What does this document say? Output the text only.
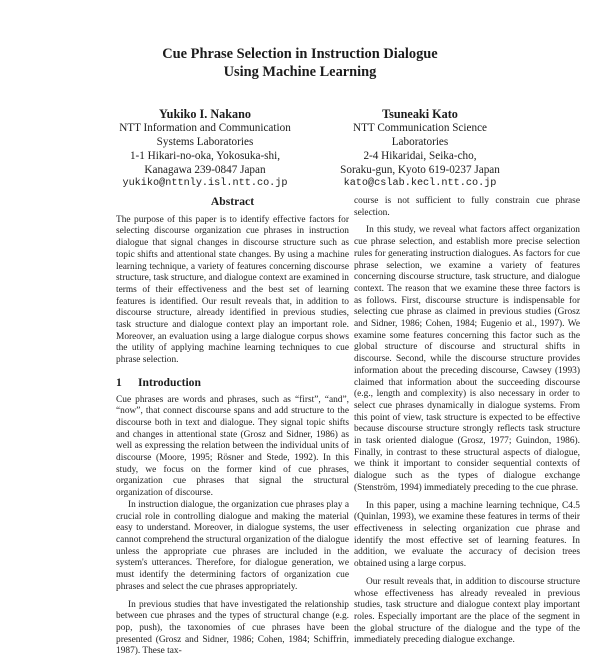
Cue Phrase Selection in Instruction Dialogue
Using Machine Learning
Yukiko I. Nakano
NTT Information and Communication
Systems Laboratories
1-1 Hikari-no-oka, Yokosuka-shi,
Kanagawa 239-0847 Japan
yukiko@nttnly.isl.ntt.co.jp
Tsuneaki Kato
NTT Communication Science
Laboratories
2-4 Hikaridai, Seika-cho,
Soraku-gun, Kyoto 619-0237 Japan
kato@cslab.kecl.ntt.co.jp
Abstract

The purpose of this paper is to identify effective factors for selecting discourse organization cue phrases in instruction dialogue that signal changes in discourse structure such as topic shifts and attentional state changes. By using a machine learning technique, a variety of features concerning discourse structure, task structure, and dialogue context are examined in terms of their effectiveness and the best set of learning features is identified. Our result reveals that, in addition to discourse structure, already identified in previous studies, task structure and dialogue context play an important role. Moreover, an evaluation using a large dialogue corpus shows the utility of applying machine learning techniques to cue phrase selection.

1 Introduction

Cue phrases are words and phrases, such as “first”, “and”, “now”, that connect discourse spans and add structure to the discourse both in text and dialogue. They signal topic shifts and changes in attentional state (Grosz and Sidner, 1986) as well as expressing the relation between the individual units of discourse (Moore, 1995; Rösner and Stede, 1992). In this study, we focus on the former kind of cue phrases, organization cue phrases that signal the structural organization of discourse.

In instruction dialogue, the organization cue phrases play a crucial role in controlling dialogue and making the material easy to understand. Moreover, in dialogue systems, the user cannot comprehend the structural organization of the dialogue unless the appropriate cue phrases are included in the system's utterances. Therefore, for dialogue generation, we must identify the determining factors of organization cue phrases and select the cue phrases appropriately.

In previous studies that have investigated the relationship between cue phrases and the types of structural change (e.g. pop, push), the taxonomies of cue phrases have been presented (Grosz and Sidner, 1986; Cohen, 1984; Schiffrin, 1987). These tax-

course is not sufficient to fully constrain cue phrase selection.

In this study, we reveal what factors affect organization cue phrase selection, and establish more precise selection rules for generating instruction dialogues. As factors for cue phrase selection, we examine a variety of features concerning discourse structure, task structure, and dialogue context. The reason that we examine these three factors is as follows. First, discourse structure is indispensable for selecting cue phrase as claimed in previous studies (Grosz and Sidner, 1986; Cohen, 1984; Eugenio et al., 1997). We examine some features concerning this factor such as the global structure of discourse and structural shifts in discourse. Second, while the discourse structure provides information about the preceding discourse, Cawsey (1993) claimed that information about the succeeding discourse (e.g., length and complexity) is also necessary in order to select cue phrases dynamically in dialogue systems. From this point of view, task structure is expected to be effective because discourse structure strongly reflects task structure in task oriented dialogue (Grosz, 1977; Guindon, 1986). Finally, in contrast to these structural aspects of dialogue, we think it important to consider sequential contexts of dialogue such as the types of dialogue exchange (Stenström, 1994) immediately preceding to the cue phrase.

In this paper, using a machine learning technique, C4.5 (Quinlan, 1993), we examine these features in terms of their effectiveness in selecting organization cue phrase and identify the most effective set of learning features. In addition, we evaluate the accuracy of decision trees obtained using a large corpus.

Our result reveals that, in addition to discourse structure whose effectiveness has already revealed in previous studies, task structure and dialogue context play important roles. Especially important are the place of the segment in the global structure of the dialogue and the type of the immediately preceding dialogue exchange.
